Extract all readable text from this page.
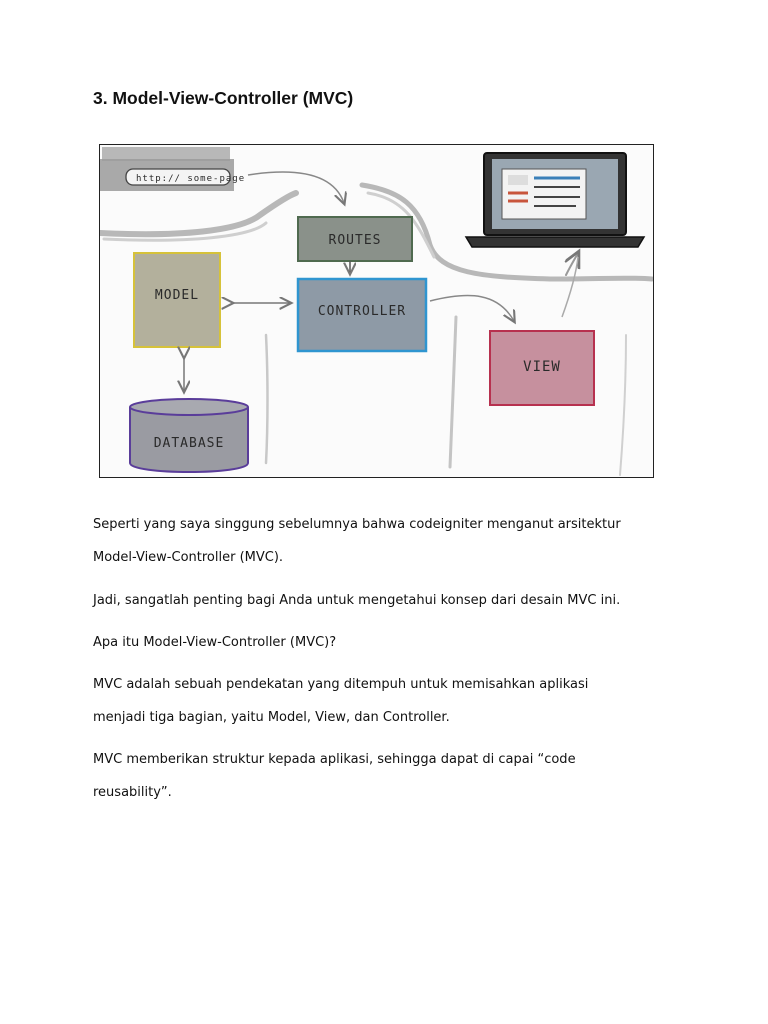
3. Model-View-Controller (MVC)
http:// some-page
ROUTES
MODEL
CONTROLLER
VIEW
DATABASE

Seperti yang saya singgung sebelumnya bahwa codeigniter menganut arsitektur
Model-View-Controller (MVC).

Jadi, sangatlah penting bagi Anda untuk mengetahui konsep dari desain MVC ini.

Apa itu Model-View-Controller (MVC)?

MVC adalah sebuah pendekatan yang ditempuh untuk memisahkan aplikasi
menjadi tiga bagian, yaitu Model, View, dan Controller.

MVC memberikan struktur kepada aplikasi, sehingga dapat di capai “code
reusability”.
